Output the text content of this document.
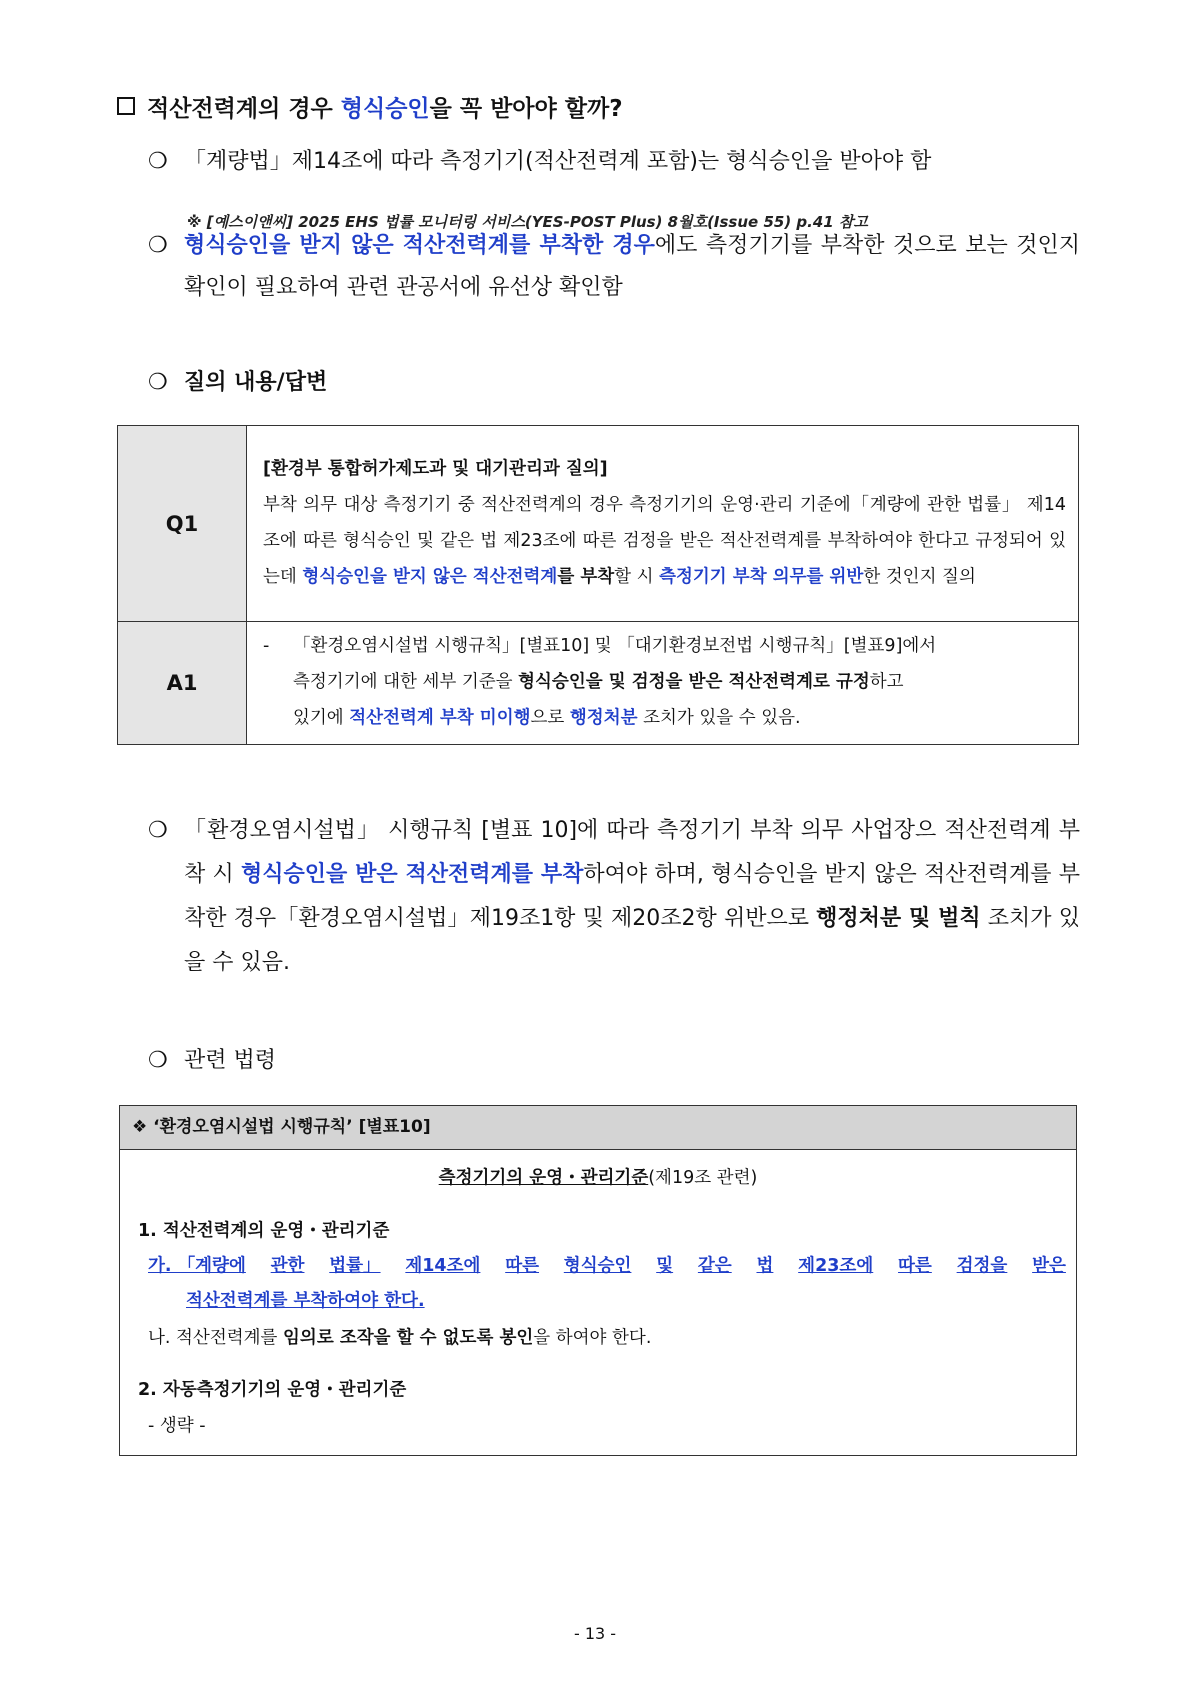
적산전력계의 경우 형식승인을 꼭 받아야 할까?
❍ 「계량법」제14조에 따라 측정기기(적산전력계 포함)는 형식승인을 받아야 함
※ [예스이앤씨] 2025 EHS 법률 모니터링 서비스(YES-POST Plus) 8월호(Issue 55) p.41 참고
❍ 형식승인을 받지 않은 적산전력계를 부착한 경우에도 측정기기를 부착한 것으로 보는 것인지 확인이 필요하여 관련 관공서에 유선상 확인함
❍ 질의 내용/답변
Q1	[환경부 통합허가제도과 및 대기관리과 질의]
부착 의무 대상 측정기기 중 적산전력계의 경우 측정기기의 운영·관리 기준에「계량에 관한 법률」 제14조에 따른 형식승인 및 같은 법 제23조에 따른 검정을 받은 적산전력계를 부착하여야 한다고 규정되어 있는데 형식승인을 받지 않은 적산전력계를 부착할 시 측정기기 부착 의무를 위반한 것인지 질의

A1	- 「환경오염시설법 시행규칙」[별표10] 및 「대기환경보전법 시행규칙」[별표9]에서
측정기기에 대한 세부 기준을 형식승인을 및 검정을 받은 적산전력계로 규정하고
있기에 적산전력계 부착 미이행으로 행정처분 조치가 있을 수 있음.
❍ 「환경오염시설법」 시행규칙 [별표 10]에 따라 측정기기 부착 의무 사업장으 적산전력계 부착 시 형식승인을 받은 적산전력계를 부착하여야 하며, 형식승인을 받지 않은 적산전력계를 부착한 경우「환경오염시설법」제19조1항 및 제20조2항 위반으로 행정처분 및 벌칙 조치가 있을 수 있음.
❍ 관련 법령
❖ ‘환경오염시설법 시행규칙’ [별표10]
측정기기의 운영・관리기준(제19조 관련)
1. 적산전력계의 운영・관리기준
가. 「계량에 관한 법률」 제14조에 따른 형식승인 및 같은 법 제23조에 따른 검정을 받은
적산전력계를 부착하여야 한다.
나. 적산전력계를 임의로 조작을 할 수 없도록 봉인을 하여야 한다.
2. 자동측정기기의 운영・관리기준
- 생략 -
- 13 -
